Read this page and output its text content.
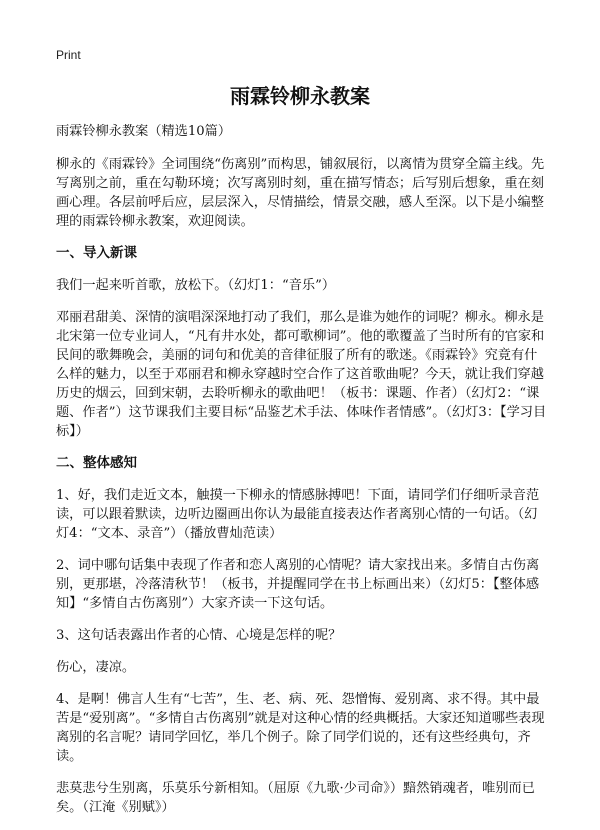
Print
雨霖铃柳永教案

雨霖铃柳永教案（精选10篇）

柳永的《雨霖铃》全词围绕“伤离别”而构思，铺叙展衍，以离情为贯穿全篇主线。先写离别之前，重在勾勒环境；次写离别时刻，重在描写情态；后写别后想象，重在刻画心理。各层前呼后应，层层深入，尽情描绘，情景交融，感人至深。以下是小编整理的雨霖铃柳永教案，欢迎阅读。

一、导入新课

我们一起来听首歌，放松下。（幻灯1：“音乐”）

邓丽君甜美、深情的演唱深深地打动了我们，那么是谁为她作的词呢？柳永。柳永是北宋第一位专业词人，“凡有井水处，都可歌柳词”。他的歌覆盖了当时所有的官家和民间的歌舞晚会，美丽的词句和优美的音律征服了所有的歌迷。《雨霖铃》究竟有什么样的魅力，以至于邓丽君和柳永穿越时空合作了这首歌曲呢？今天，就让我们穿越历史的烟云，回到宋朝，去聆听柳永的歌曲吧！（板书：课题、作者）（幻灯2：“课题、作者”）这节课我们主要目标“品鉴艺术手法、体味作者情感”。（幻灯3：【学习目标】）

二、整体感知

1、好，我们走近文本，触摸一下柳永的情感脉搏吧！下面，请同学们仔细听录音范读，可以跟着默读，边听边圈画出你认为最能直接表达作者离别心情的一句话。（幻灯4：“文本、录音”）（播放曹灿范读）

2、词中哪句话集中表现了作者和恋人离别的心情呢？请大家找出来。多情自古伤离别，更那堪，冷落清秋节！（板书，并提醒同学在书上标画出来）（幻灯5：【整体感知】“多情自古伤离别”）大家齐读一下这句话。

3、这句话表露出作者的心情、心境是怎样的呢？

伤心，凄凉。

4、是啊！佛言人生有“七苦”，生、老、病、死、怨憎悔、爱别离、求不得。其中最苦是“爱别离”。“多情自古伤离别”就是对这种心情的经典概括。大家还知道哪些表现离别的名言呢？请同学回忆，举几个例子。除了同学们说的，还有这些经典句，齐读。

悲莫悲兮生别离，乐莫乐兮新相知。（屈原《九歌·少司命》）黯然销魂者，唯别而已矣。（江淹《别赋》）
